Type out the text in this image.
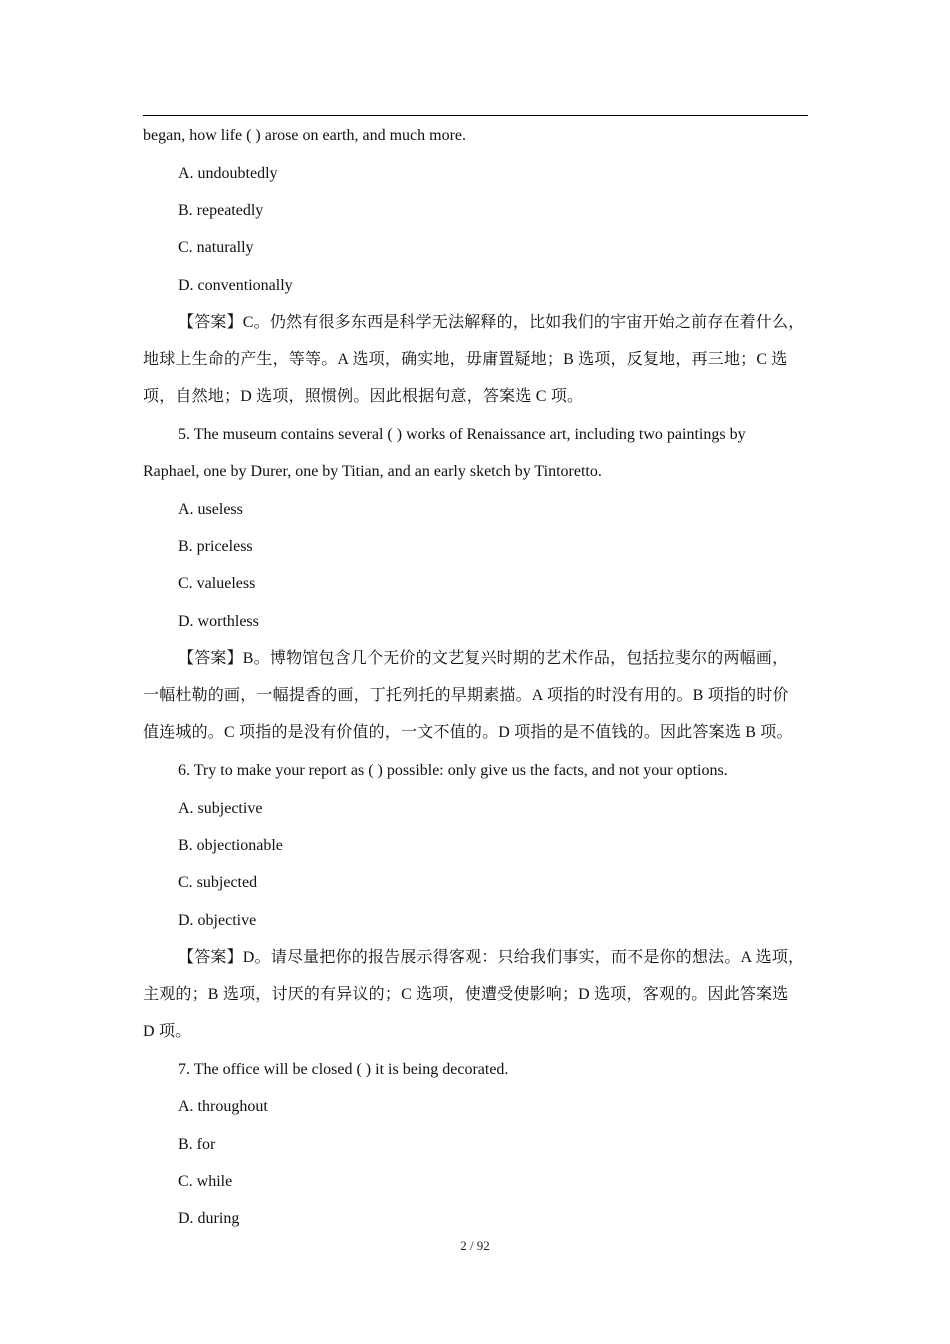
began, how life ( ) arose on earth, and much more.
A. undoubtedly
B. repeatedly
C. naturally
D. conventionally
【答案】C。仍然有很多东西是科学无法解释的，比如我们的宇宙开始之前存在着什么，
地球上生命的产生，等等。A 选项，确实地，毋庸置疑地；B 选项，反复地，再三地；C 选
项，自然地；D 选项，照惯例。因此根据句意，答案选 C 项。
5. The museum contains several ( ) works of Renaissance art, including two paintings by
Raphael, one by Durer, one by Titian, and an early sketch by Tintoretto.
A. useless
B. priceless
C. valueless
D. worthless
【答案】B。博物馆包含几个无价的文艺复兴时期的艺术作品，包括拉斐尔的两幅画，
一幅杜勒的画，一幅提香的画，丁托列托的早期素描。A 项指的时没有用的。B 项指的时价
值连城的。C 项指的是没有价值的，一文不值的。D 项指的是不值钱的。因此答案选 B 项。
6. Try to make your report as ( ) possible: only give us the facts, and not your options.
A. subjective
B. objectionable
C. subjected
D. objective
【答案】D。请尽量把你的报告展示得客观：只给我们事实，而不是你的想法。A 选项，
主观的；B 选项，讨厌的有异议的；C 选项，使遭受使影响；D 选项，客观的。因此答案选
D 项。
7. The office will be closed ( ) it is being decorated.
A. throughout
B. for
C. while
D. during
2 / 92
